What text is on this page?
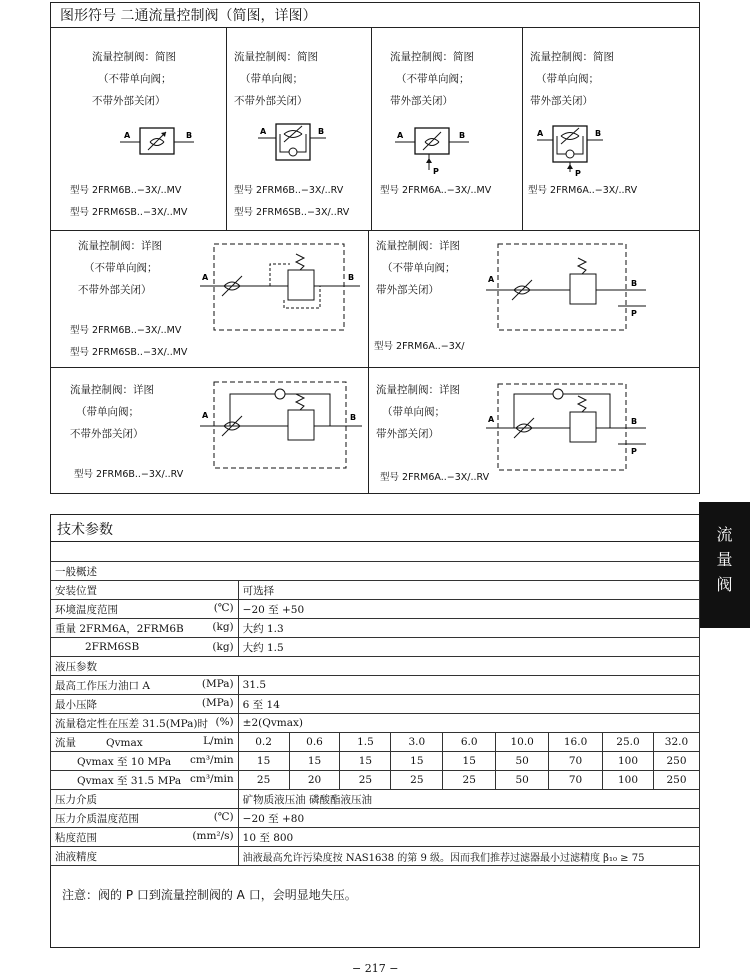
图形符号 二通流量控制阀（简图，详图）
流量控制阀：简图
（不带单向阀；
不带外部关闭）
流量控制阀：简图
（带单向阀；
不带外部关闭）
流量控制阀：简图
（不带单向阀；
带外部关闭）
流量控制阀：简图
（带单向阀；
带外部关闭）
A	B	A	B	A	B
P
A	B
P
型号 2FRM6B..−3X/..MV
型号 2FRM6SB..−3X/..MV
型号 2FRM6B..−3X/..RV
型号 2FRM6SB..−3X/..RV
型号 2FRM6A..−3X/..MV	型号 2FRM6A..−3X/..RV
流量控制阀：详图
（不带单向阀；
不带外部关闭）
型号 2FRM6B..−3X/..MV
型号 2FRM6SB..−3X/..MV
流量控制阀：详图
（不带单向阀；
带外部关闭）
型号 2FRM6A..−3X/
流量控制阀：详图
（带单向阀；
不带外部关闭）
型号 2FRM6B..−3X/..RV
流量控制阀：详图
（带单向阀；
带外部关闭）
型号 2FRM6A..−3X/..RV
A	B	A	B
P
A	B	A	B
P
技术参数	流
量
阀
一般概述									
安装位置	可选择								
环境温度范围 (℃)	−20 至 +50								
重量 2FRM6A，2FRM6B (kg)	大约 1.3								
2FRM6SB (kg)	大约 1.5								
液压参数									
最高工作压力油口 A (MPa)	31.5								
最小压降 (MPa)	6 至 14								
流量稳定性在压差 31.5(MPa)时 (%)	±2(Qvmax)								
流量 Qvmax L/min	0.2	0.6	1.5	3.0	6.0	10.0	16.0	25.0	32.0
Qvmax 至 10 MPa cm³/min	15	15	15	15	15	50	70	100	250
Qvmax 至 31.5 MPa cm³/min	25	20	25	25	25	50	70	100	250
压力介质	矿物质液压油 磷酸酯液压油								
压力介质温度范围 (℃)	−20 至 +80								
粘度范围 (mm²/s)	10 至 800								
油液精度	油液最高允许污染度按 NAS1638 的第 9 级。因而我们推荐过滤器最小过滤精度 β₁₀ ≥ 75								
注意：阀的 P 口到流量控制阀的 A 口，会明显地失压。
− 217 −
